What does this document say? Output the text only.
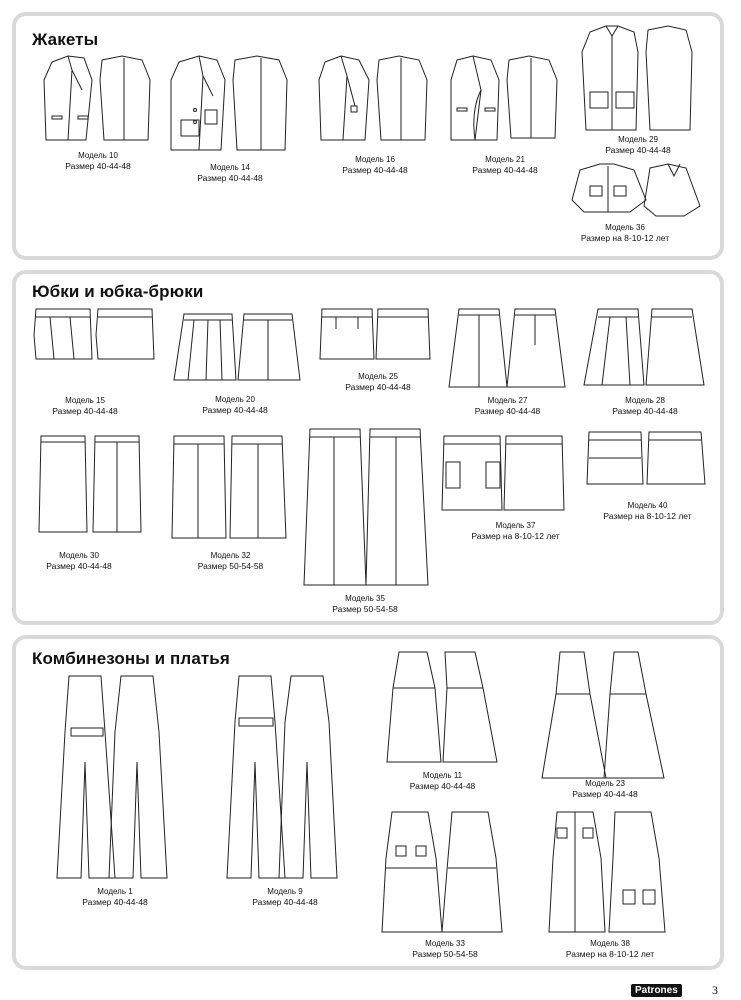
Жакеты
Юбки и юбка-брюки
Комбинезоны и платья
Модель 10
Размер 40-44-48	Модель 14
Размер 40-44-48
Модель 16
Размер 40-44-48
Модель 21
Размер 40-44-48
Модель 29
Размер 40-44-48
Модель 36
Размер на 8-10-12 лет
Модель 15
Размер 40-44-48
Модель 20
Размер 40-44-48
Модель 25
Размер 40-44-48
Модель 27
Размер 40-44-48
Модель 28
Размер 40-44-48
Модель 30
Размер 40-44-48
Модель 32
Размер 50-54-58
Модель 35
Размер 50-54-58
Модель 37
Размер на 8-10-12 лет
Модель 40
Размер на 8-10-12 лет
Модель 1
Размер 40-44-48
Модель 9
Размер 40-44-48
Модель 11
Размер 40-44-48	Модель 23
Размер 40-44-48
Модель 33
Размер 50-54-58
Модель 38
Размер на 8-10-12 лет
Patrones	3
